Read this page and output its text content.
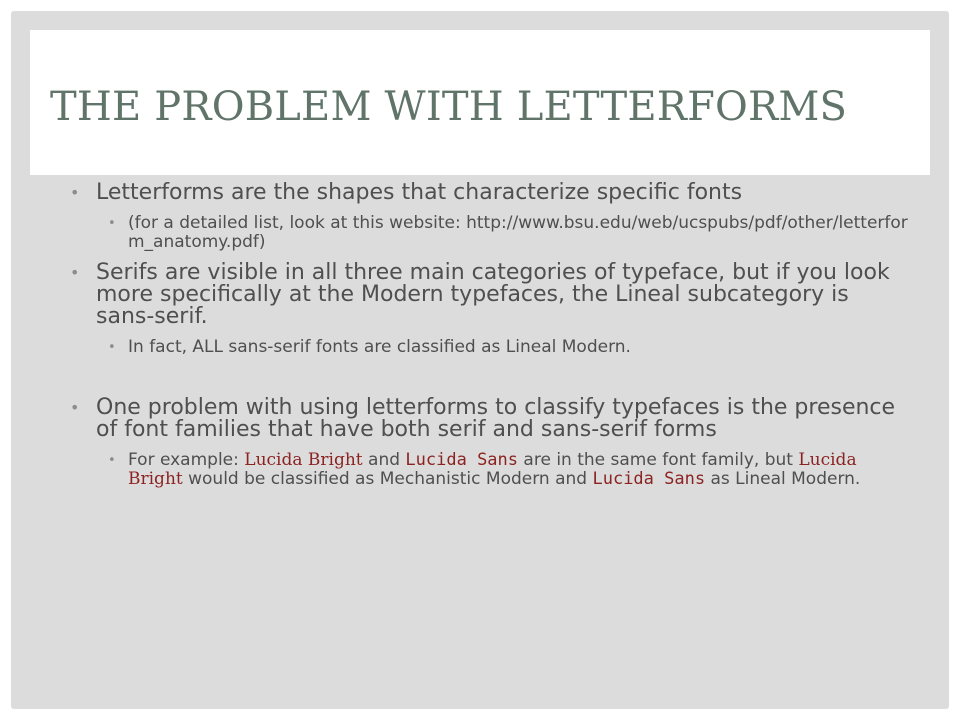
THE PROBLEM WITH LETTERFORMS
• Letterforms are the shapes that characterize specific fonts
• (for a detailed list, look at this website: http://www.bsu.edu/web/ucspubs/pdf/other/letterform_anatomy.pdf)
• Serifs are visible in all three main categories of typeface, but if you look more specifically at the Modern typefaces, the Lineal subcategory is sans-serif.
• In fact, ALL sans-serif fonts are classified as Lineal Modern.
• One problem with using letterforms to classify typefaces is the presence of font families that have both serif and sans-serif forms
• For example: Lucida Bright and Lucida Sans are in the same font family, but Lucida Bright would be classified as Mechanistic Modern and Lucida Sans as Lineal Modern.
